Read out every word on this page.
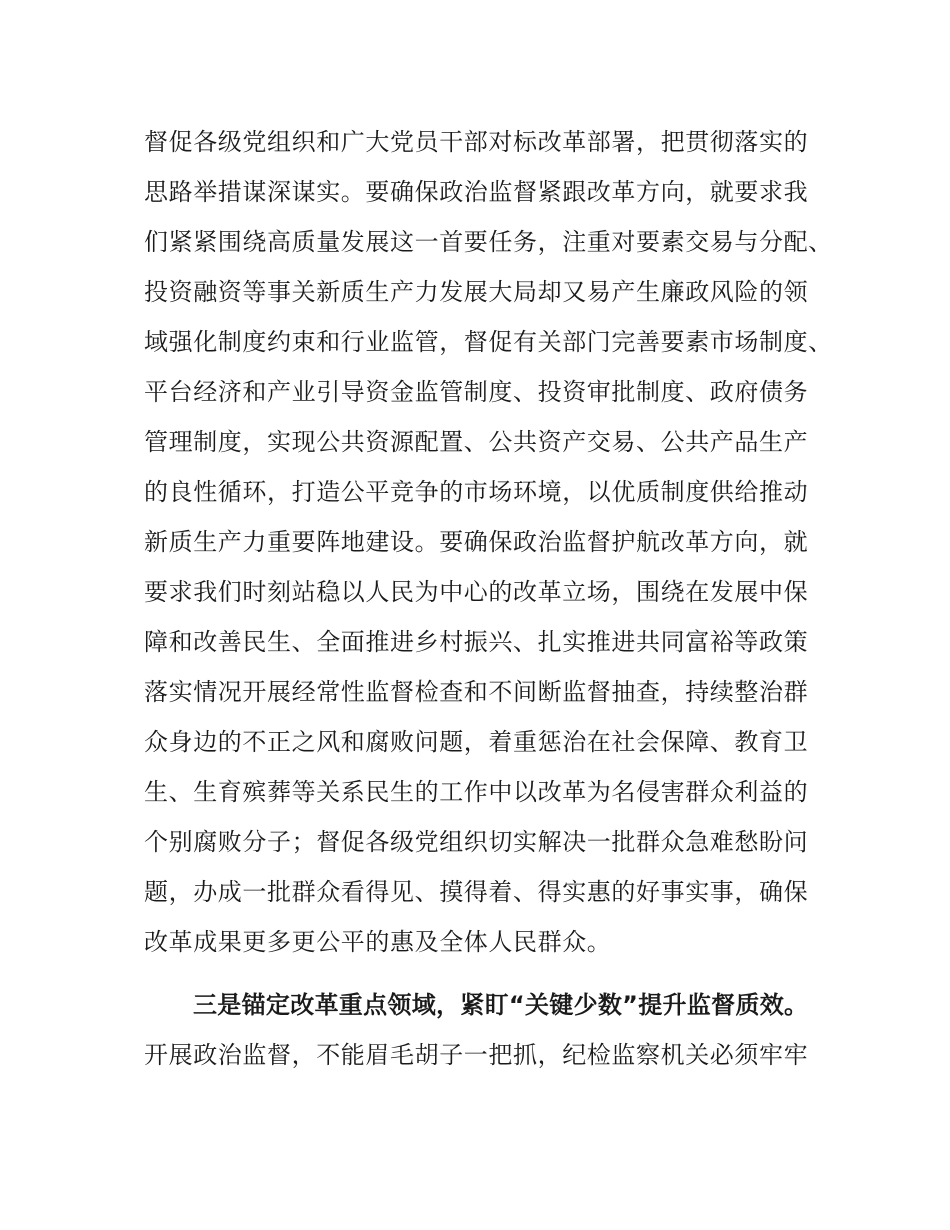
督促各级党组织和广大党员干部对标改革部署，把贯彻落实的
思路举措谋深谋实。要确保政治监督紧跟改革方向，就要求我
们紧紧围绕高质量发展这一首要任务，注重对要素交易与分配、
投资融资等事关新质生产力发展大局却又易产生廉政风险的领
域强化制度约束和行业监管，督促有关部门完善要素市场制度、
平台经济和产业引导资金监管制度、投资审批制度、政府债务
管理制度，实现公共资源配置、公共资产交易、公共产品生产
的良性循环，打造公平竞争的市场环境，以优质制度供给推动
新质生产力重要阵地建设。要确保政治监督护航改革方向，就
要求我们时刻站稳以人民为中心的改革立场，围绕在发展中保
障和改善民生、全面推进乡村振兴、扎实推进共同富裕等政策
落实情况开展经常性监督检查和不间断监督抽查，持续整治群
众身边的不正之风和腐败问题，着重惩治在社会保障、教育卫
生、生育殡葬等关系民生的工作中以改革为名侵害群众利益的
个别腐败分子；督促各级党组织切实解决一批群众急难愁盼问
题，办成一批群众看得见、摸得着、得实惠的好事实事，确保
改革成果更多更公平的惠及全体人民群众。
三是锚定改革重点领域，紧盯“关键少数”提升监督质效。
开展政治监督，不能眉毛胡子一把抓，纪检监察机关必须牢牢
